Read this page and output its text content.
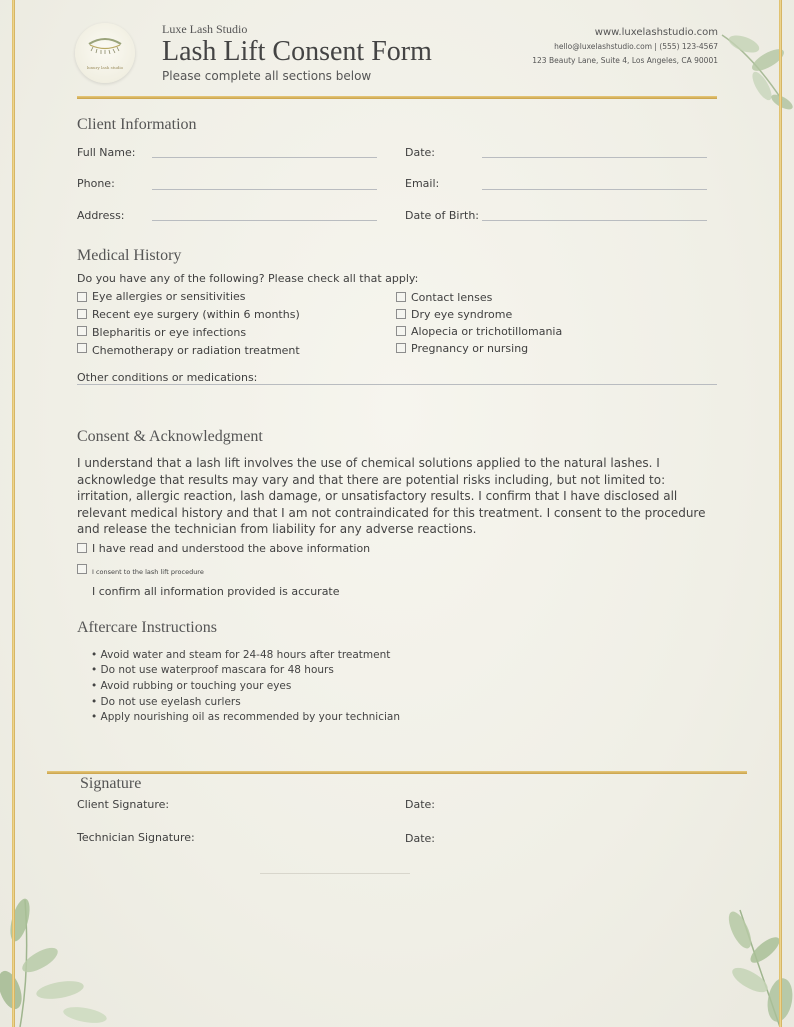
luxury lash studio
Luxe Lash Studio
Lash Lift Consent Form
Please complete all sections below
www.luxelashstudio.com
hello@luxelashstudio.com | (555) 123-4567
123 Beauty Lane, Suite 4, Los Angeles, CA 90001
Client Information
Full Name:	Date:
Phone:	Email:
Address:	Date of Birth:
Medical History
Do you have any of the following? Please check all that apply:
Eye allergies or sensitivities
Recent eye surgery (within 6 months)
Blepharitis or eye infections
Chemotherapy or radiation treatment
Contact lenses
Dry eye syndrome
Alopecia or trichotillomania
Pregnancy or nursing
Other conditions or medications:
Consent & Acknowledgment
I understand that a lash lift involves the use of chemical solutions applied to the natural lashes. I acknowledge that results may vary and that there are potential risks including, but not limited to: irritation, allergic reaction, lash damage, or unsatisfactory results. I confirm that I have disclosed all relevant medical history and that I am not contraindicated for this treatment. I consent to the procedure and release the technician from liability for any adverse reactions.
I have read and understood the above information
I consent to the lash lift procedure
I confirm all information provided is accurate
Aftercare Instructions
• Avoid water and steam for 24-48 hours after treatment
• Do not use waterproof mascara for 48 hours
• Avoid rubbing or touching your eyes
• Do not use eyelash curlers
• Apply nourishing oil as recommended by your technician
Signature
Client Signature:	Date:
Technician Signature:	Date:
